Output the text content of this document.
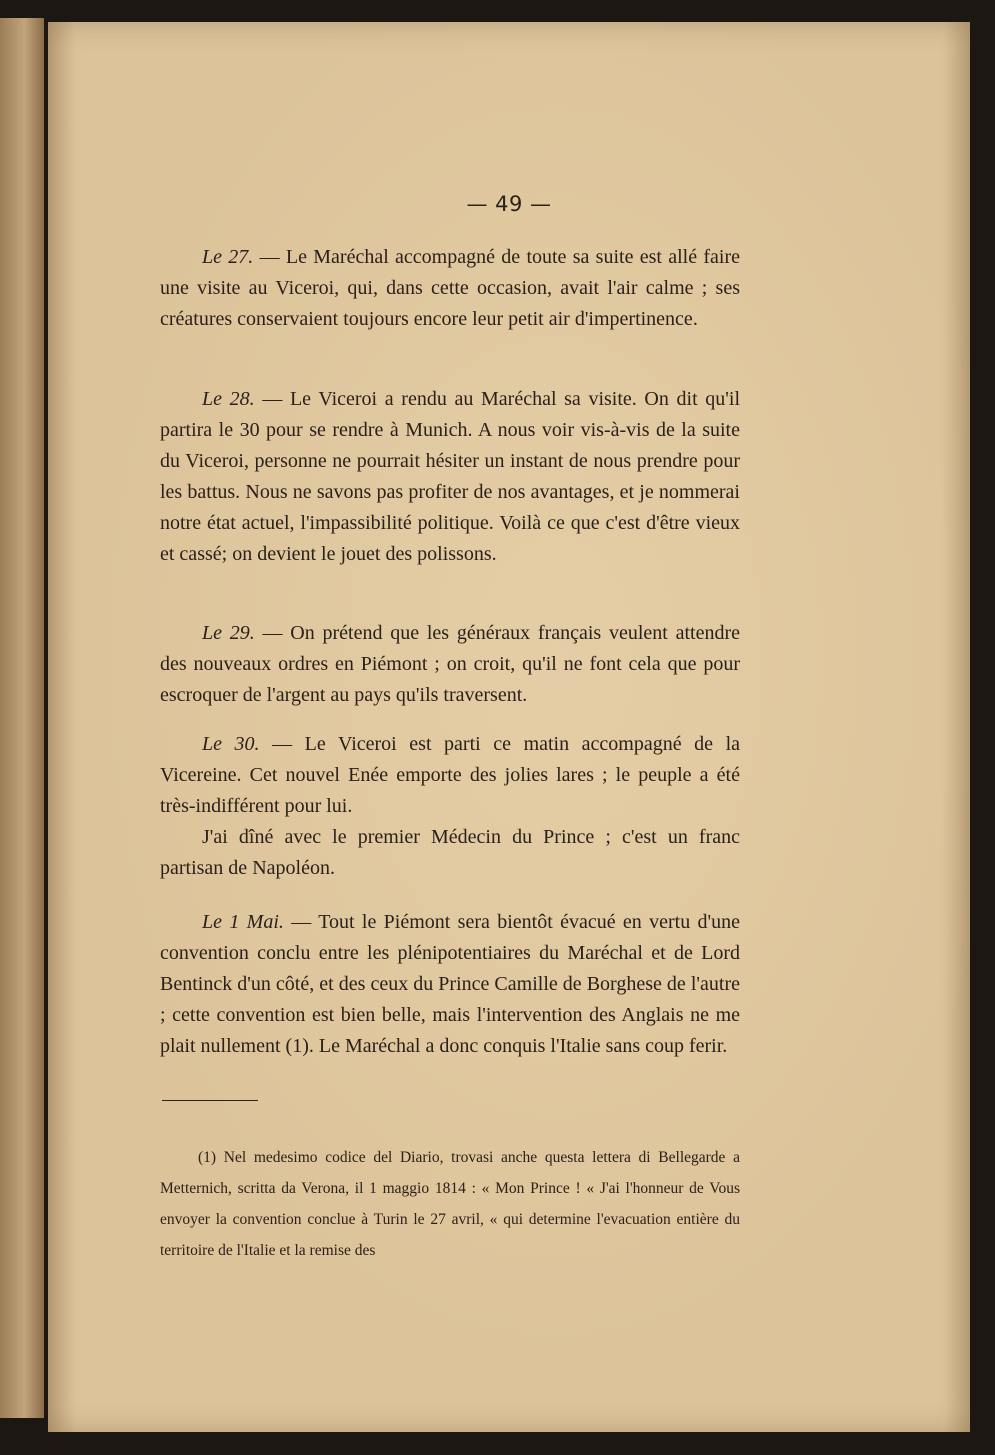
— 49 —

Le 27. — Le Maréchal accompagné de toute sa suite est allé faire une visite au Viceroi, qui, dans cette occasion, avait l'air calme ; ses créatures conservaient toujours encore leur petit air d'impertinence.

Le 28. — Le Viceroi a rendu au Maréchal sa visite. On dit qu'il partira le 30 pour se rendre à Munich. A nous voir vis-à-vis de la suite du Viceroi, personne ne pourrait hésiter un instant de nous prendre pour les battus. Nous ne savons pas profiter de nos avantages, et je nommerai notre état actuel, l'impassibilité politique. Voilà ce que c'est d'être vieux et cassé; on devient le jouet des polissons.

Le 29. — On prétend que les généraux français veulent attendre des nouveaux ordres en Piémont ; on croit, qu'il ne font cela que pour escroquer de l'argent au pays qu'ils traversent.

Le 30. — Le Viceroi est parti ce matin accompagné de la Vicereine. Cet nouvel Enée emporte des jolies lares ; le peuple a été très-indifférent pour lui.

J'ai dîné avec le premier Médecin du Prince ; c'est un franc partisan de Napoléon.

Le 1 Mai. — Tout le Piémont sera bientôt évacué en vertu d'une convention conclu entre les plénipotentiaires du Maréchal et de Lord Bentinck d'un côté, et des ceux du Prince Camille de Borghese de l'autre ; cette convention est bien belle, mais l'intervention des Anglais ne me plait nullement (1). Le Maréchal a donc conquis l'Italie sans coup ferir.

(1) Nel medesimo codice del Diario, trovasi anche questa lettera di Bellegarde a Metternich, scritta da Verona, il 1 maggio 1814 : « Mon Prince ! « J'ai l'honneur de Vous envoyer la convention conclue à Turin le 27 avril, « qui determine l'evacuation entière du territoire de l'Italie et la remise des
